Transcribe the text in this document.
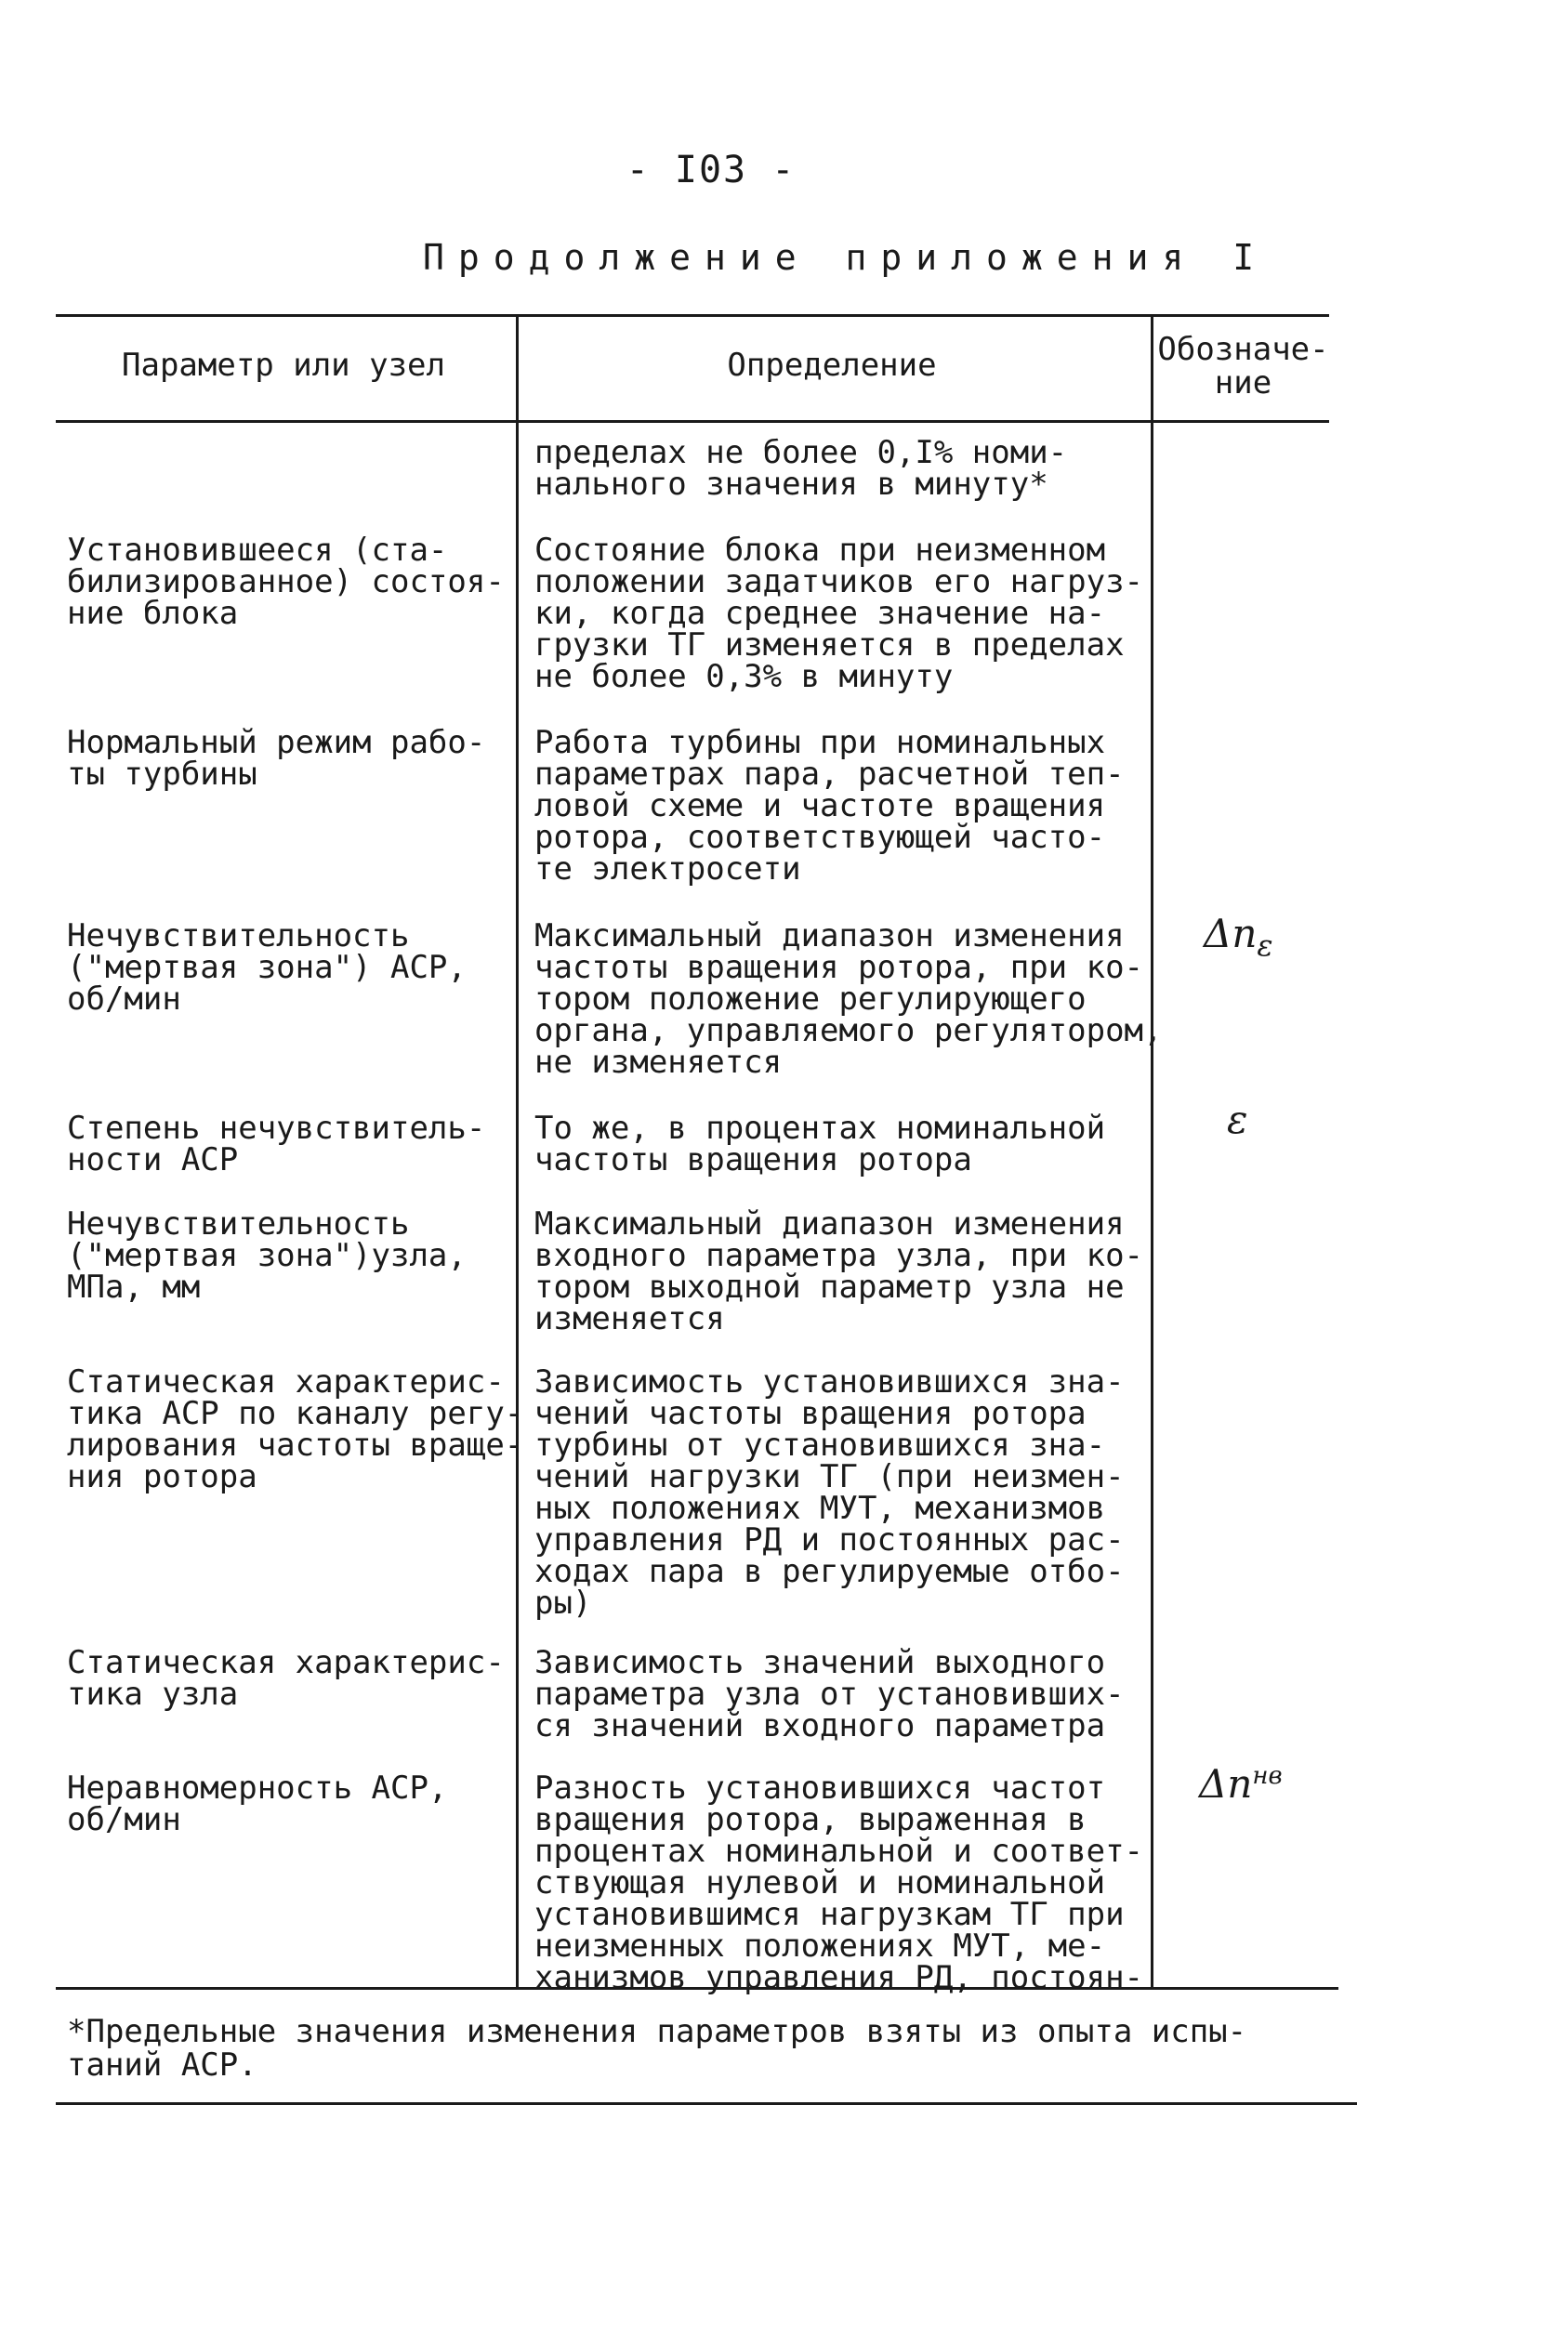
- I03 -
Продолжение приложения I
Параметр или узел	Определение	Обозначе-
ние
пределах не более 0,I% номи-
нального значения в минуту*
Установившееся (ста-
билизированное) состоя-
ние блока
Состояние блока при неизменном
положении задатчиков его нагруз-
ки, когда среднее значение на-
грузки ТГ изменяется в пределах
не более 0,3% в минуту
Нормальный режим рабо-
ты турбины
Работа турбины при номинальных
параметрах пара, расчетной теп-
ловой схеме и частоте вращения
ротора, соответствующей часто-
те электросети
Нечувствительность
("мертвая зона") АСР,
об/мин
Максимальный диапазон изменения
частоты вращения ротора, при ко-
тором положение регулирующего
органа, управляемого регулятором,
не изменяется
$\Delta n_\varepsilon$
Степень нечувствитель-
ности АСР
То же, в процентах номинальной
частоты вращения ротора
ε
Нечувствительность
("мертвая зона")узла,
МПа, мм
Максимальный диапазон изменения
входного параметра узла, при ко-
тором выходной параметр узла не
изменяется
Статическая характерис-
тика АСР по каналу регу-
лирования частоты враще-
ния ротора
Зависимость установившихся зна-
чений частоты вращения ротора
турбины от установившихся зна-
чений нагрузки ТГ (при неизмен-
ных положениях МУТ, механизмов
управления РД и постоянных рас-
ходах пара в регулируемые отбо-
ры)
Статическая характерис-
тика узла
Зависимость значений выходного
параметра узла от установивших-
ся значений входного параметра
Неравномерность АСР,
об/мин
Разность установившихся частот
вращения ротора, выраженная в
процентах номинальной и соответ-
ствующая нулевой и номинальной
установившимся нагрузкам ТГ при
неизменных положениях МУТ, ме-
ханизмов управления РД, постоян-
$\Delta n^{нв}$
*Предельные значения изменения параметров взяты из опыта испы-
таний АСР.
